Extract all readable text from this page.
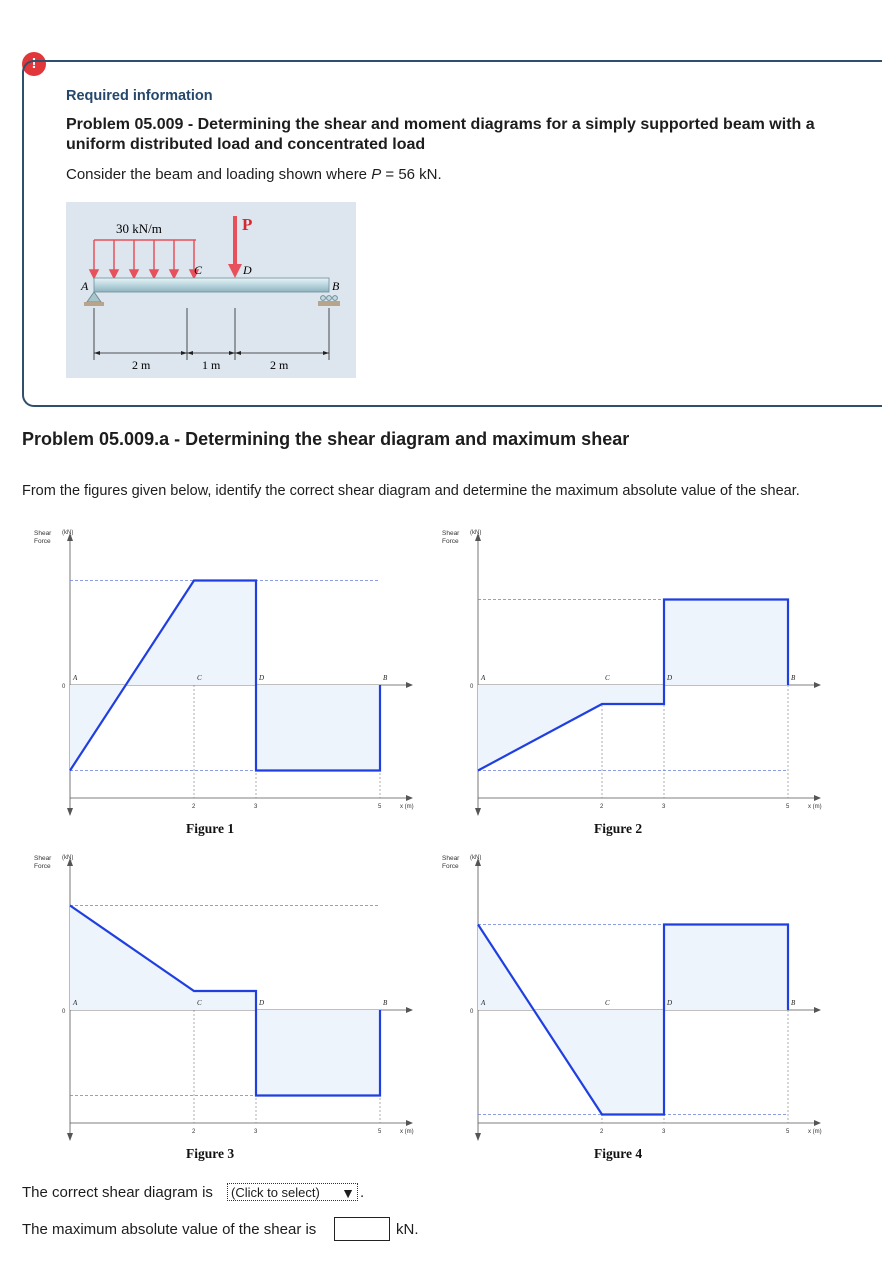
!
Required information
Problem 05.009 - Determining the shear and moment diagrams for a simply supported beam with a uniform distributed load and concentrated load
Consider the beam and loading shown where P = 56 kN.
30 kN/m	P
A
C	D
B
2 m	1 m	2 m
Problem 05.009.a - Determining the shear diagram and maximum shear
From the figures given below, identify the correct shear diagram and determine the maximum absolute value of the shear.
Shear
Force
(kN)
0
x (m)
2	3	5
A	C	D	B
Figure 1
Shear
Force
(kN)
0
x (m)
2	3	5
A	C	D	B
Figure 2
Shear
Force
(kN)
0
x (m)
2	3	5
A	C	D	B
Figure 3
Shear
Force
(kN)
0
x (m)
2	3	5
A	C	D	B
Figure 4
The correct shear diagram is	(Click to select) ▼ .
The maximum absolute value of the shear is	kN.
